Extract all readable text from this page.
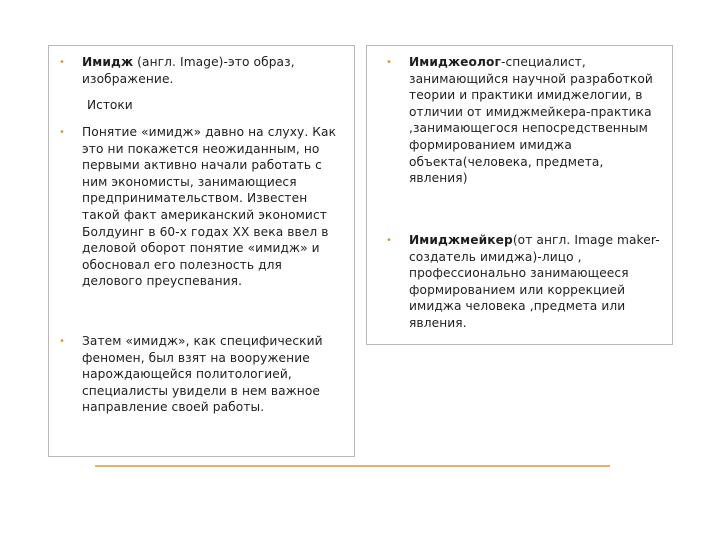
• Имидж (англ. Image)-это образ, изображение.
Истоки
• Понятие «имидж» давно на слуху. Как это ни покажется неожиданным, но первыми активно начали работать с ним экономисты, занимающиеся предпринимательством. Известен такой факт американский экономист Болдуинг в 60-х годах XX века ввел в деловой оборот понятие «имидж» и обосновал его полезность для делового преуспевания.
• Затем «имидж», как специфический феномен, был взят на вооружение нарождающейся политологией, специалисты увидели в нем важное направление своей работы.
• Имиджеолог-специалист, занимающийся научной разработкой теории и практики имиджелогии, в отличии от имиджмейкера-практика ,занимающегося непосредственным формированием имиджа объекта(человека, предмета, явления)
• Имиджмейкер(от англ. Image maker-создатель имиджа)-лицо , профессионально занимающееся формированием или коррекцией имиджа человека ,предмета или явления.
